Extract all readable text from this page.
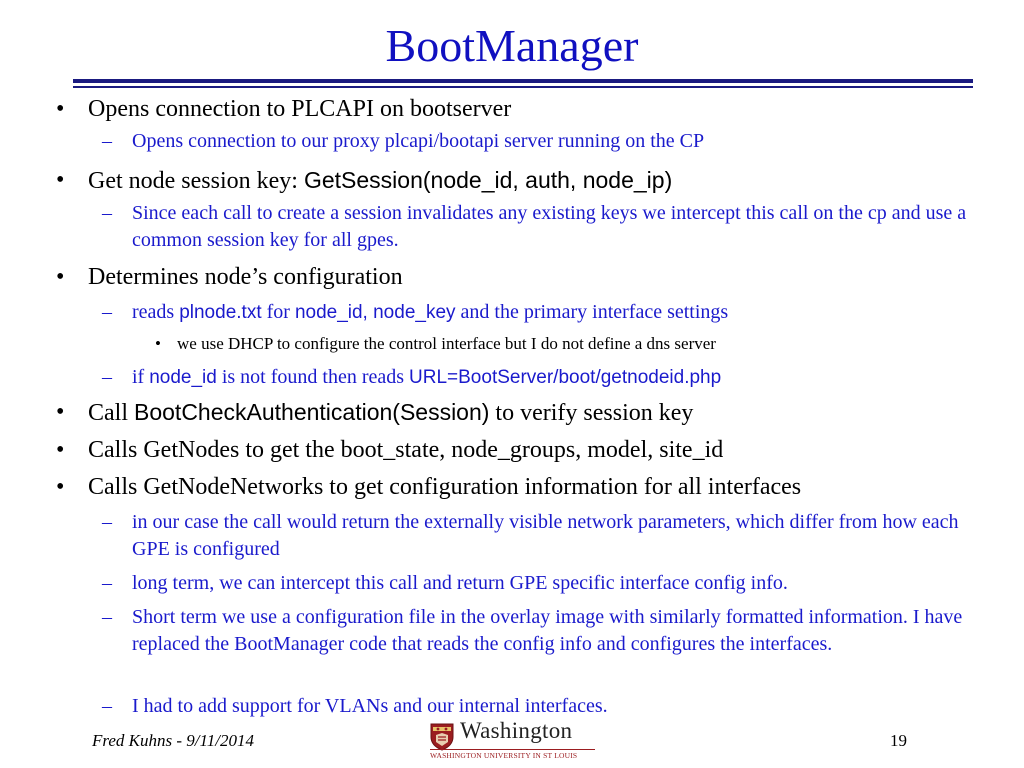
BootManager
• Opens connection to PLCAPI on bootserver
– Opens connection to our proxy plcapi/bootapi server running on the CP
• Get node session key: GetSession(node_id, auth, node_ip)
– Since each call to create a session invalidates any existing keys we intercept this call on the cp and use a common session key for all gpes.
• Determines node’s configuration
– reads plnode.txt for node_id, node_key and the primary interface settings
• we use DHCP to configure the control interface but I do not define a dns server
– if node_id is not found then reads URL=BootServer/boot/getnodeid.php
• Call BootCheckAuthentication(Session) to verify session key
• Calls GetNodes to get the boot_state, node_groups, model, site_id
• Calls GetNodeNetworks to get configuration information for all interfaces
– in our case the call would return the externally visible network parameters, which differ from how each GPE is configured
– long term, we can intercept this call and return GPE specific interface config info.
– Short term we use a configuration file in the overlay image with similarly formatted information. I have replaced the BootManager code that reads the config info and configures the interfaces.
– I had to add support for VLANs and our internal interfaces.
Fred Kuhns - 9/11/2014	Washington
WASHINGTON UNIVERSITY IN ST LOUIS
19
